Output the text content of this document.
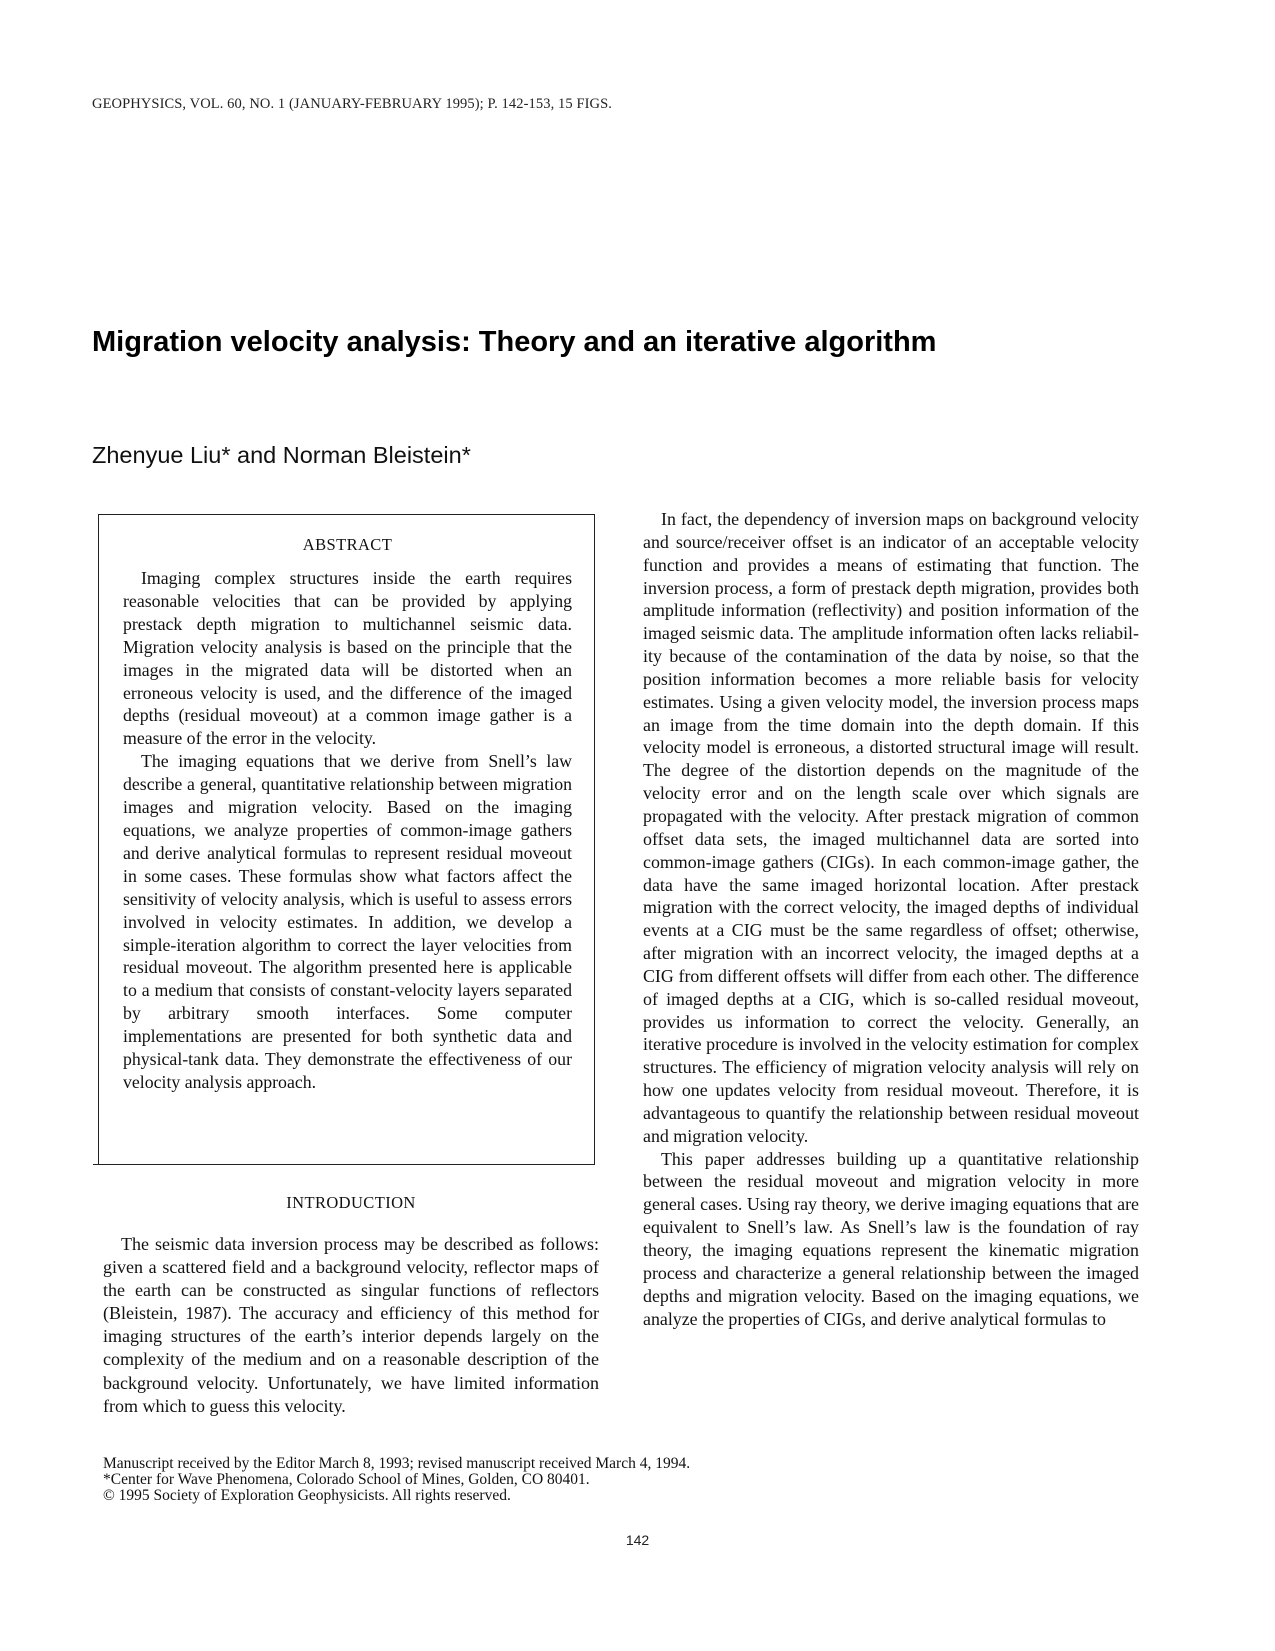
GEOPHYSICS, VOL. 60, NO. 1 (JANUARY-FEBRUARY 1995); P. 142-153, 15 FIGS.
Migration velocity analysis: Theory and an iterative algorithm
Zhenyue Liu* and Norman Bleistein*
ABSTRACT

Imaging complex structures inside the earth requires reasonable velocities that can be provided by applying prestack depth migration to multichannel seismic data. Migration velocity analysis is based on the principle that the images in the migrated data will be distorted when an erroneous velocity is used, and the difference of the imaged depths (residual moveout) at a common image gather is a measure of the error in the velocity.

The imaging equations that we derive from Snell’s law describe a general, quantitative relationship between migration images and migration velocity. Based on the imaging equations, we analyze properties of common-image gathers and derive analytical formulas to represent residual moveout in some cases. These formulas show what factors affect the sensitivity of velocity analysis, which is useful to assess errors involved in velocity estimates. In addition, we develop a simple-iteration algorithm to correct the layer velocities from residual moveout. The algorithm presented here is applicable to a medium that consists of constant-velocity layers separated by arbitrary smooth interfaces. Some computer implementations are presented for both synthetic data and physical-tank data. They demonstrate the effectiveness of our velocity analysis approach.

INTRODUCTION

The seismic data inversion process may be described as follows: given a scattered field and a background velocity, reflector maps of the earth can be constructed as singular functions of reflectors (Bleistein, 1987). The accuracy and efficiency of this method for imaging structures of the earth’s interior depends largely on the complexity of the medium and on a reasonable description of the background velocity. Unfortunately, we have limited information from which to guess this velocity.

In fact, the dependency of inversion maps on background velocity and source/receiver offset is an indicator of an acceptable velocity function and provides a means of estimating that function. The inversion process, a form of prestack depth migration, provides both amplitude information (reflectivity) and position information of the imaged seismic data. The amplitude information often lacks reliability because of the contamination of the data by noise, so that the position information becomes a more reliable basis for velocity estimates. Using a given velocity model, the inversion process maps an image from the time domain into the depth domain. If this velocity model is erroneous, a distorted structural image will result. The degree of the distortion depends on the magnitude of the velocity error and on the length scale over which signals are propagated with the velocity. After prestack migration of common offset data sets, the imaged multichannel data are sorted into common-image gathers (CIGs). In each common-image gather, the data have the same imaged horizontal location. After prestack migration with the correct velocity, the imaged depths of individual events at a CIG must be the same regardless of offset; otherwise, after migration with an incorrect velocity, the imaged depths at a CIG from different offsets will differ from each other. The difference of imaged depths at a CIG, which is so-called residual moveout, provides us information to correct the velocity. Generally, an iterative procedure is involved in the velocity estimation for complex structures. The efficiency of migration velocity analysis will rely on how one updates velocity from residual moveout. Therefore, it is advantageous to quantify the relationship between residual moveout and migration velocity.

This paper addresses building up a quantitative relationship between the residual moveout and migration velocity in more general cases. Using ray theory, we derive imaging equations that are equivalent to Snell’s law. As Snell’s law is the foundation of ray theory, the imaging equations represent the kinematic migration process and characterize a general relationship between the imaged depths and migration velocity. Based on the imaging equations, we analyze the properties of CIGs, and derive analytical formulas to

Manuscript received by the Editor March 8, 1993; revised manuscript received March 4, 1994.
*Center for Wave Phenomena, Colorado School of Mines, Golden, CO 80401.
© 1995 Society of Exploration Geophysicists. All rights reserved.
142
